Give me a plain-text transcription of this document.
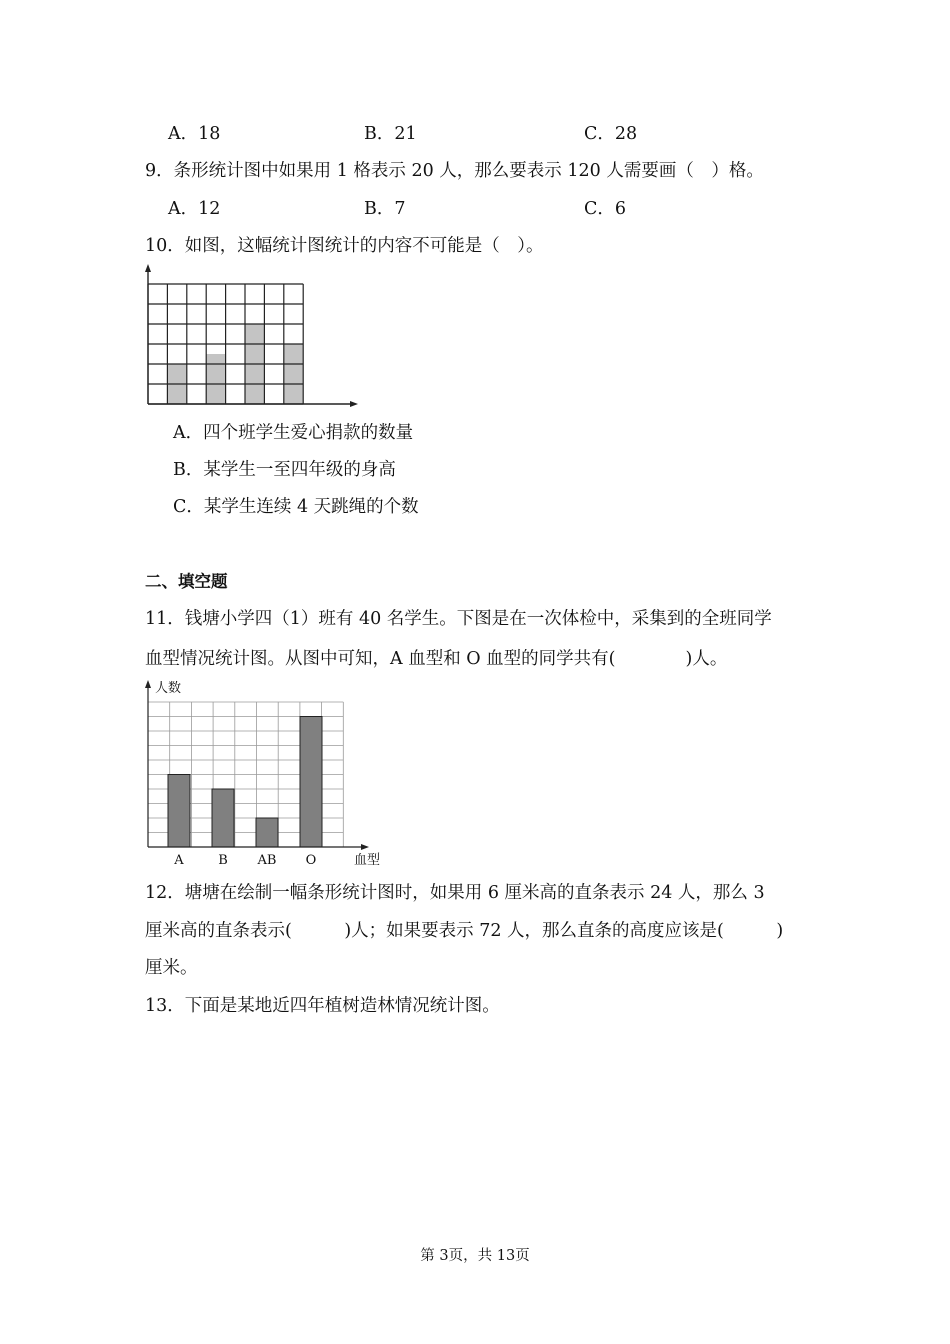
A．18	B．21	C．28
9．条形统计图中如果用 1 格表示 20 人，那么要表示 120 人需要画（　）格。
A．12	B．7	C．6
10．如图，这幅统计图统计的内容不可能是（　）。
A．四个班学生爱心捐款的数量
B．某学生一至四年级的身高
C．某学生连续 4 天跳绳的个数
二、填空题
11．钱塘小学四（1）班有 40 名学生。下图是在一次体检中，采集到的全班同学
血型情况统计图。从图中可知，A 血型和 O 血型的同学共有(　　　　)人。
A	B AB O
人数
血型
12．塘塘在绘制一幅条形统计图时，如果用 6 厘米高的直条表示 24 人，那么 3
厘米高的直条表示(　　　)人；如果要表示 72 人，那么直条的高度应该是(　　　)
厘米。
13．下面是某地近四年植树造林情况统计图。
第 3页，共 13页
